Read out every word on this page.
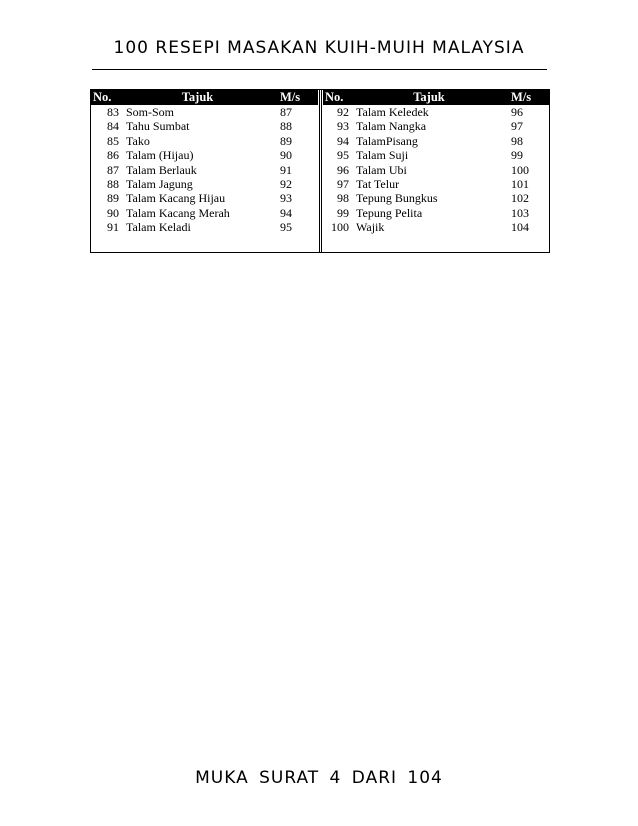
100 RESEPI MASAKAN KUIH-MUIH MALAYSIA
No.	Tajuk	M/s
83 Som-Som	87
84 Tahu Sumbat	88
85 Tako	89
86 Talam (Hijau)	90
87 Talam Berlauk	91
88 Talam Jagung	92
89 Talam Kacang Hijau	93
90 Talam Kacang Merah	94
91 Talam Keladi	95
No.	Tajuk	M/s
92 Talam Keledek	96
93 Talam Nangka	97
94 TalamPisang	98
95 Talam Suji	99
96 Talam Ubi	100
97 Tat Telur	101
98 Tepung Bungkus	102
99 Tepung Pelita	103
100 Wajik	104
MUKA SURAT 4 DARI 104
